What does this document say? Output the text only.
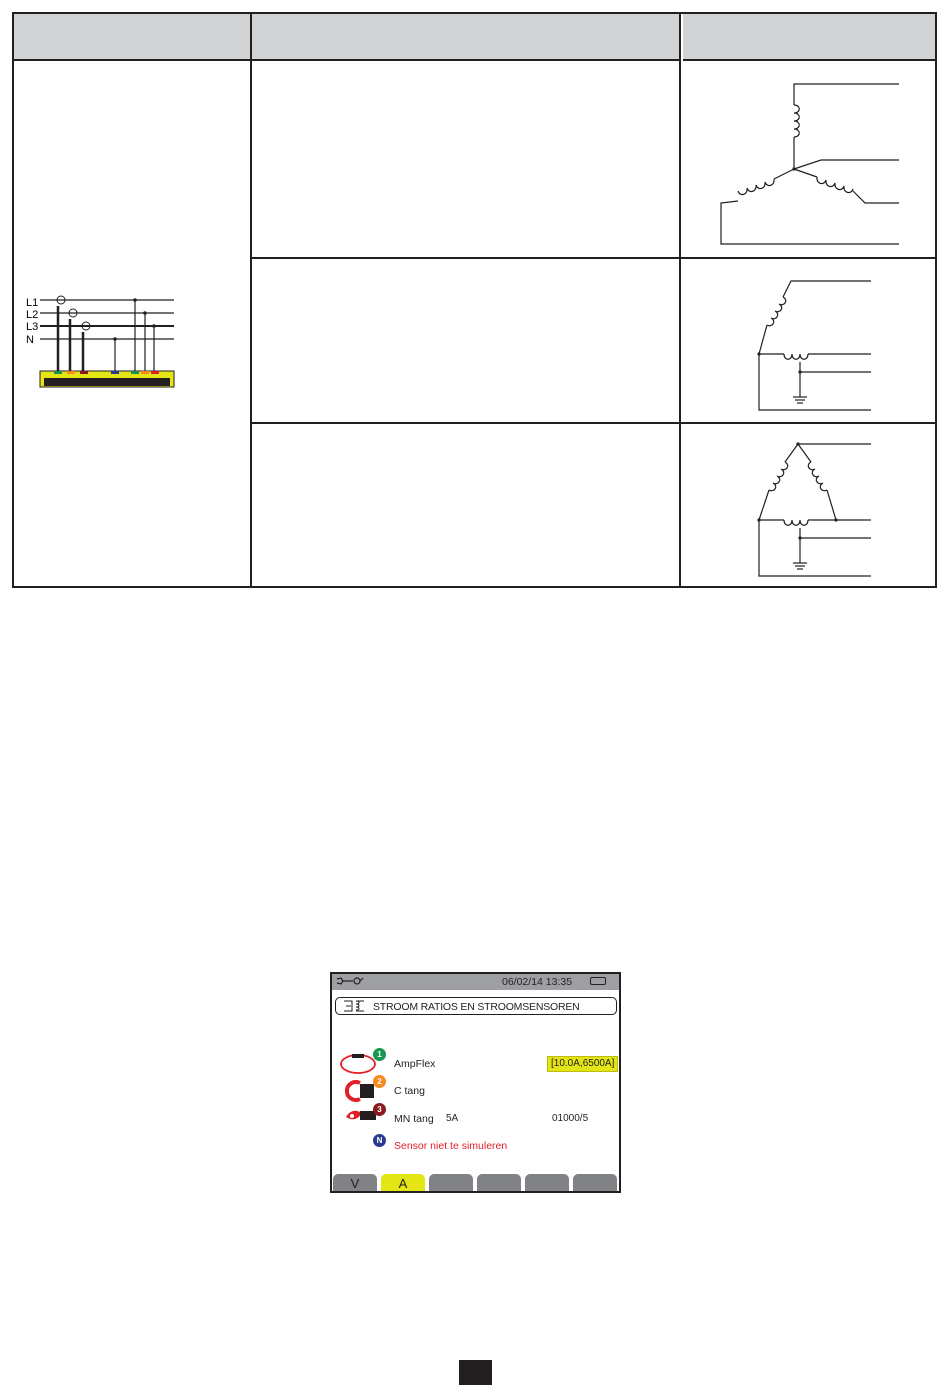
L1
L2
L3
N
06/02/14 13:35
STROOM RATIOS EN STROOMSENSOREN
1
AmpFlex	[10.0A,6500A]
2
C tang
3
MN tang 5A	01000/5
N	Sensor niet te simuleren
V	A
